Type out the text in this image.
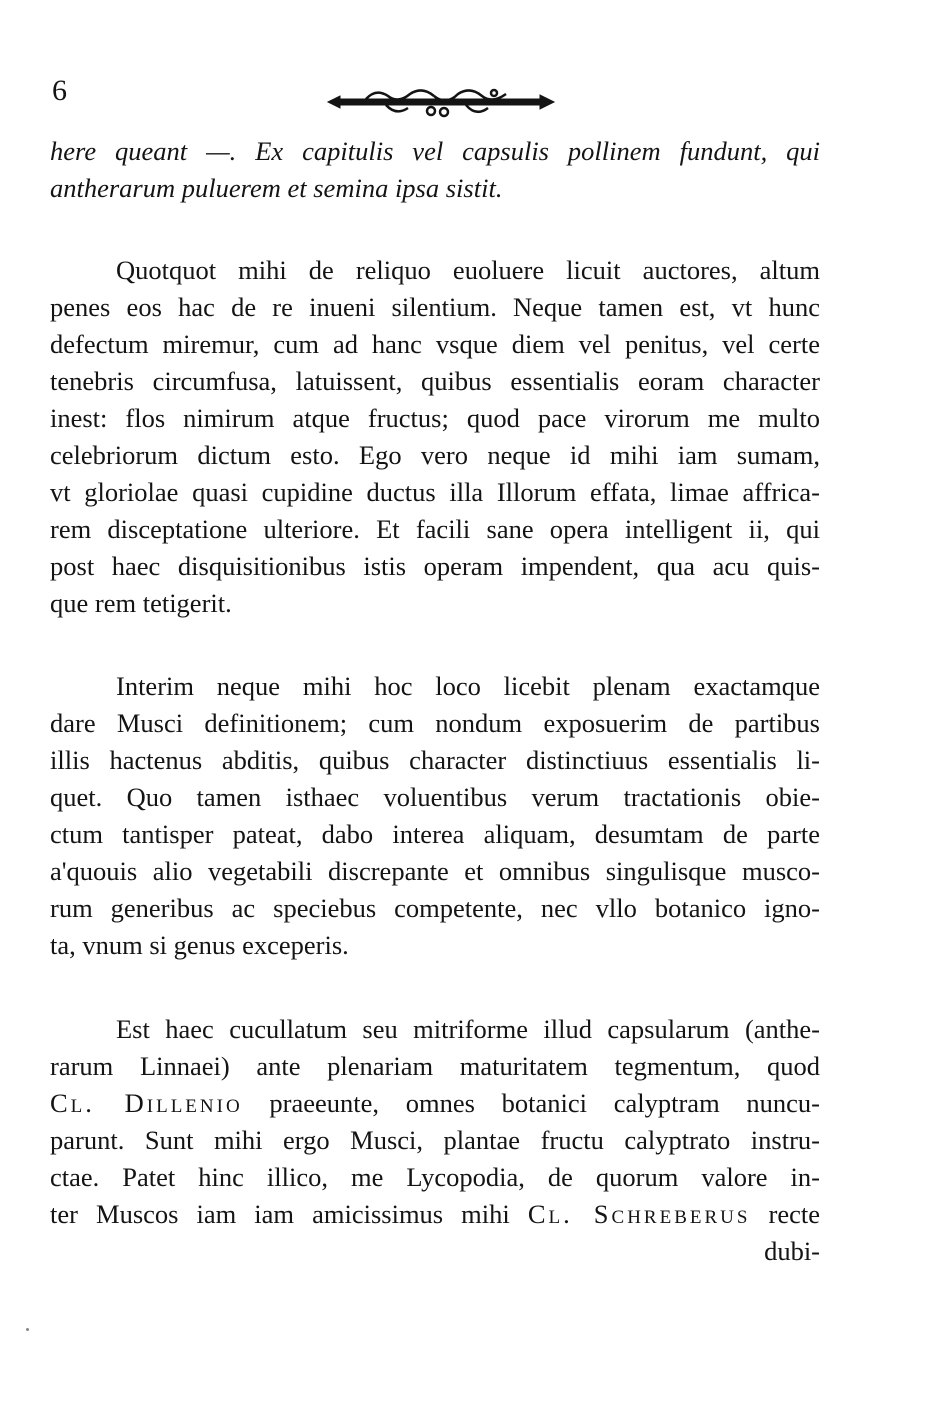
6
here queant —. Ex capitulis vel capsulis pollinem fundunt, qui
antherarum puluerem et semina ipsa sistit.
Quotquot mihi de reliquo euoluere licuit auctores, altum
penes eos hac de re inueni silentium. Neque tamen est, vt hunc
defectum miremur, cum ad hanc vsque diem vel penitus, vel certe
tenebris circumfusa, latuissent, quibus essentialis eoram character
inest: flos nimirum atque fructus; quod pace virorum me multo
celebriorum dictum esto. Ego vero neque id mihi iam sumam,
vt gloriolae quasi cupidine ductus illa Illorum effata, limae affrica-
rem disceptatione ulteriore. Et facili sane opera intelligent ii, qui
post haec disquisitionibus istis operam impendent, qua acu quis-
que rem tetigerit.
Interim neque mihi hoc loco licebit plenam exactamque
dare Musci definitionem; cum nondum exposuerim de partibus
illis hactenus abditis, quibus character distinctiuus essentialis li-
quet. Quo tamen isthaec voluentibus verum tractationis obie-
ctum tantisper pateat, dabo interea aliquam, desumtam de parte
a'quouis alio vegetabili discrepante et omnibus singulisque musco-
rum generibus ac speciebus competente, nec vllo botanico igno-
ta, vnum si genus exceperis.
Est haec cucullatum seu mitriforme illud capsularum (anthe-
rarum Linnaei) ante plenariam maturitatem tegmentum, quod
Cl. Dillenio praeeunte, omnes botanici calyptram nuncu-
parunt. Sunt mihi ergo Musci, plantae fructu calyptrato instru-
ctae. Patet hinc illico, me Lycopodia, de quorum valore in-
ter Muscos iam iam amicissimus mihi Cl. Schreberus recte
dubi-
